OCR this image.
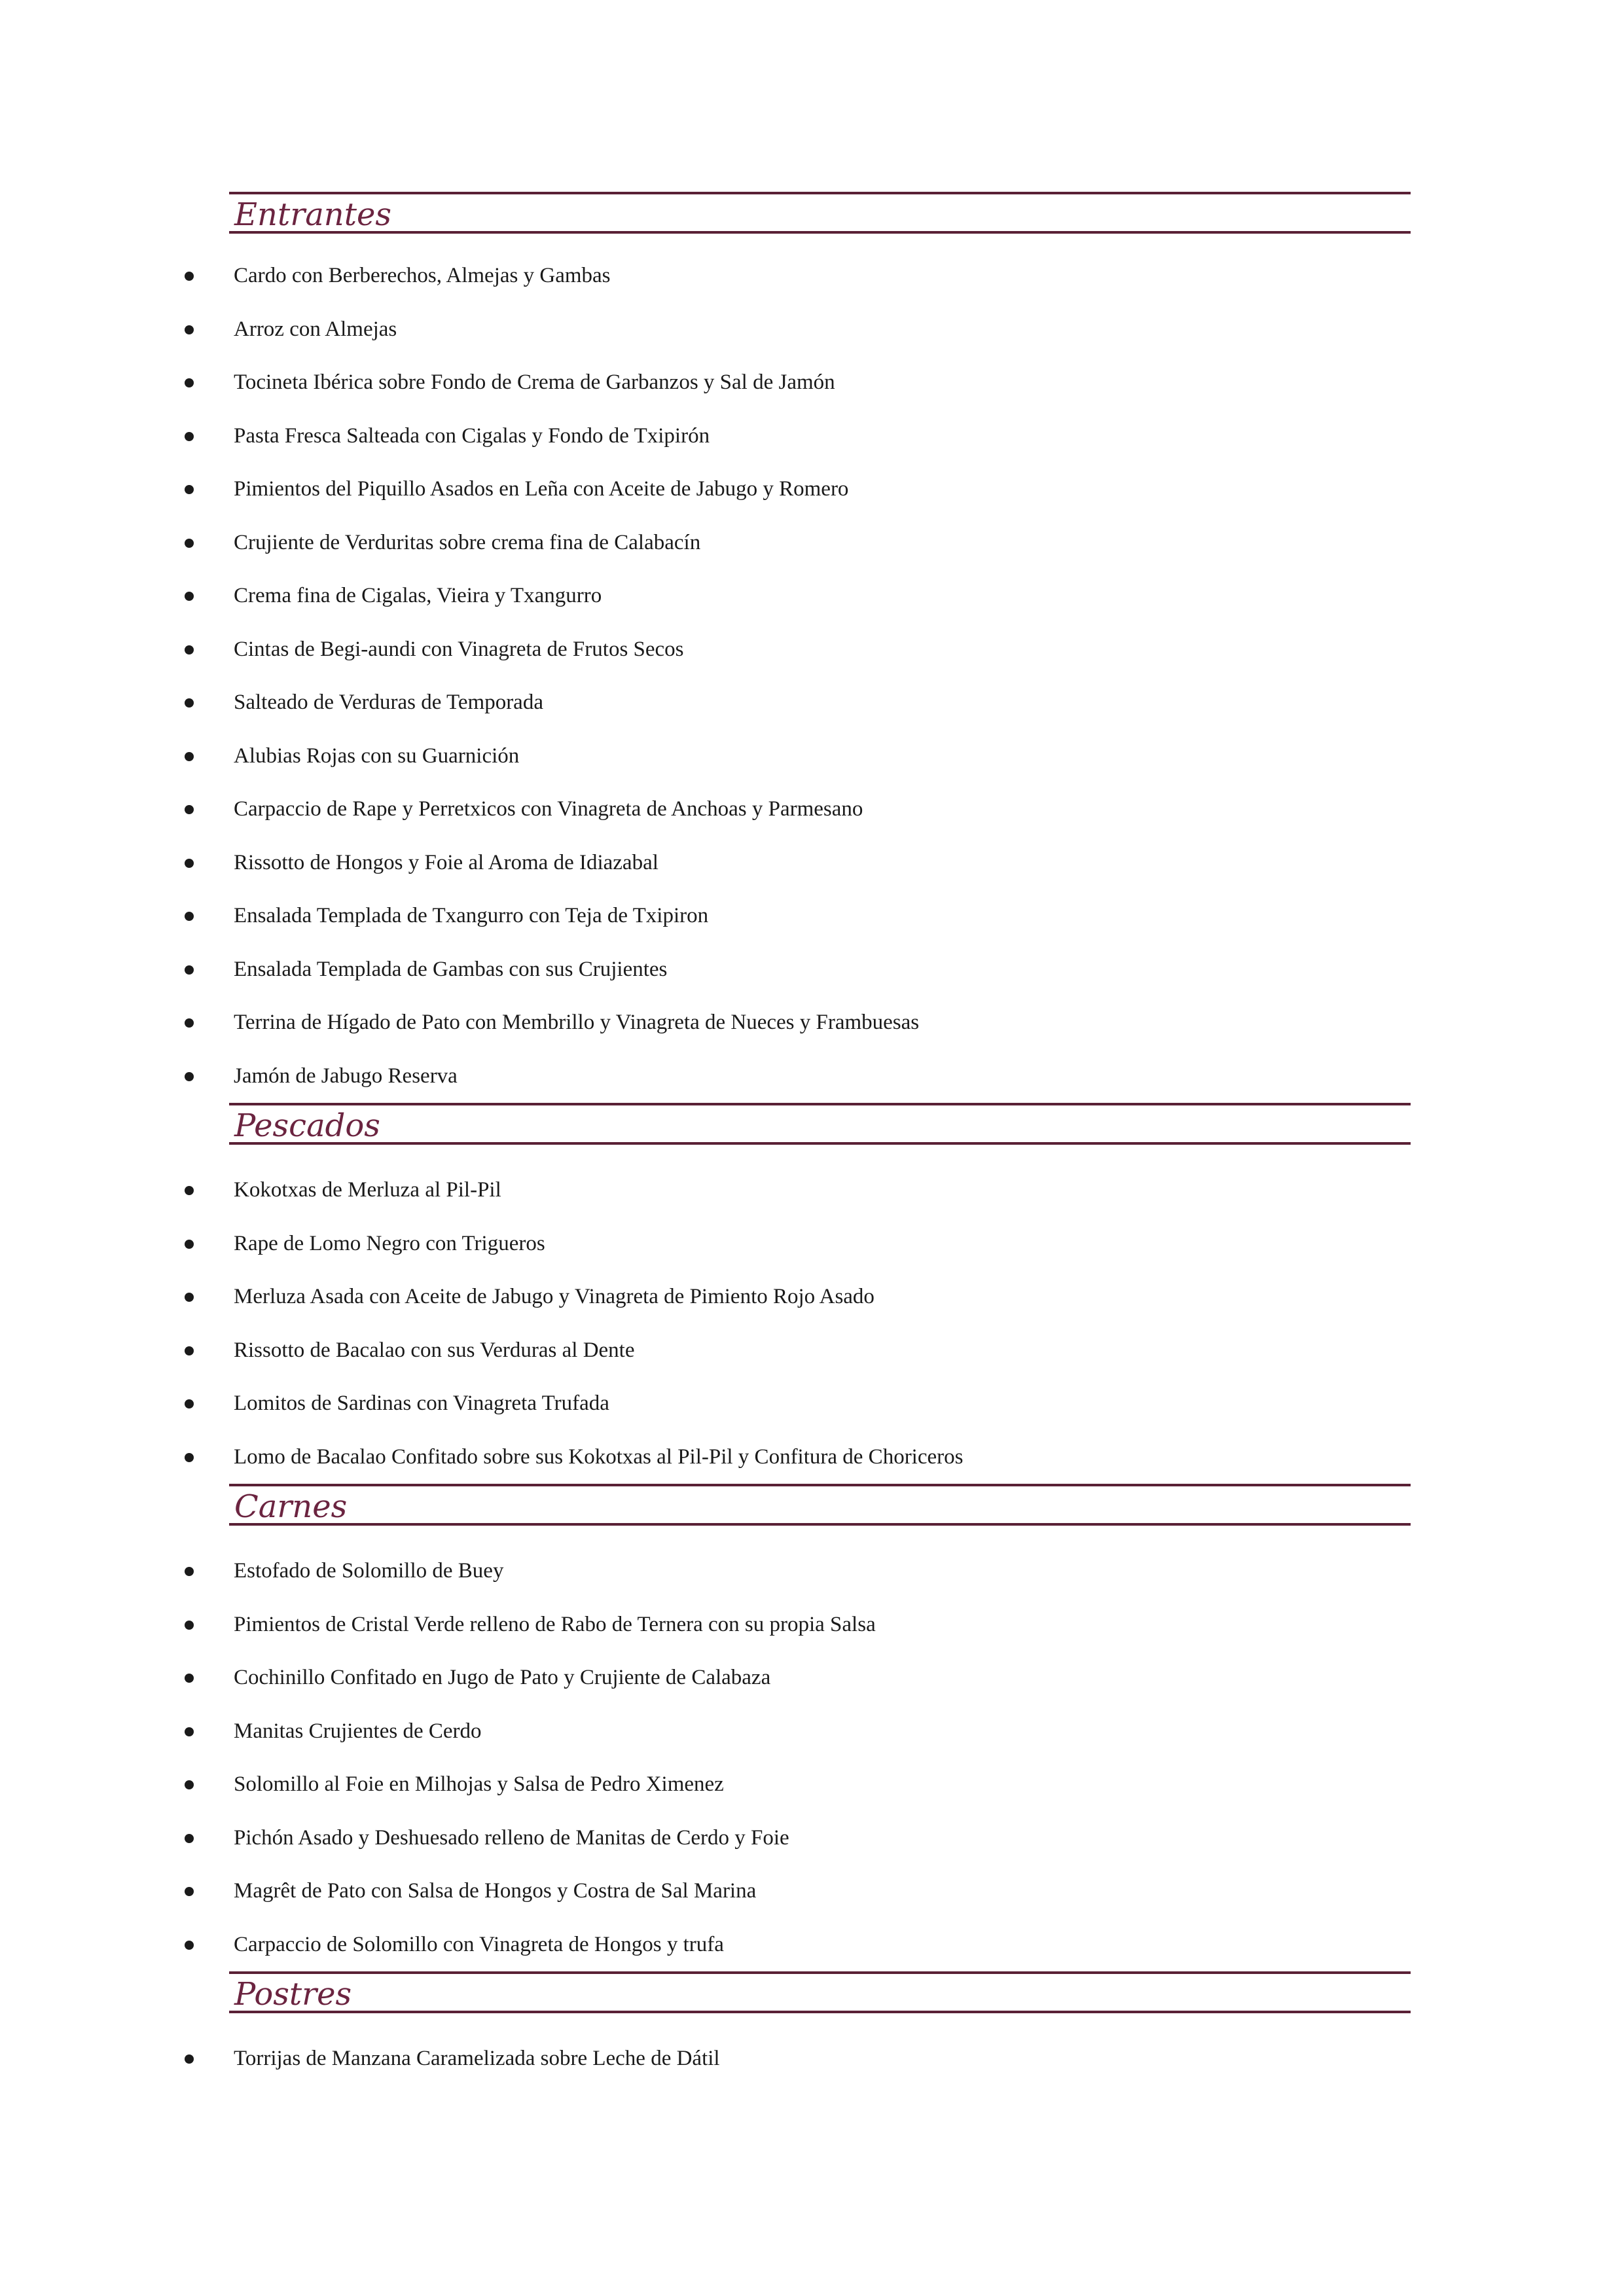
Entrantes
Cardo con Berberechos, Almejas y Gambas
Arroz con Almejas
Tocineta Ibérica sobre Fondo de Crema de Garbanzos y Sal de Jamón
Pasta Fresca Salteada con Cigalas y Fondo de Txipirón
Pimientos del Piquillo Asados en Leña con Aceite de Jabugo y Romero
Crujiente de Verduritas sobre crema fina de Calabacín
Crema fina de Cigalas, Vieira y Txangurro
Cintas de Begi-aundi con Vinagreta de Frutos Secos
Salteado de Verduras de Temporada
Alubias Rojas con su Guarnición
Carpaccio de Rape y Perretxicos con Vinagreta de Anchoas y Parmesano
Rissotto de Hongos y Foie al Aroma de Idiazabal
Ensalada Templada de Txangurro con Teja de Txipiron
Ensalada Templada de Gambas con sus Crujientes
Terrina de Hígado de Pato con Membrillo y Vinagreta de Nueces y Frambuesas
Jamón de Jabugo Reserva
Pescados
Kokotxas de Merluza al Pil-Pil
Rape de Lomo Negro con Trigueros
Merluza Asada con Aceite de Jabugo y Vinagreta de Pimiento Rojo Asado
Rissotto de Bacalao con sus Verduras al Dente
Lomitos de Sardinas con Vinagreta Trufada
Lomo de Bacalao Confitado sobre sus Kokotxas al Pil-Pil y Confitura de Choriceros
Carnes
Estofado de Solomillo de Buey
Pimientos de Cristal Verde relleno de Rabo de Ternera con su propia Salsa
Cochinillo Confitado en Jugo de Pato y Crujiente de Calabaza
Manitas Crujientes de Cerdo
Solomillo al Foie en Milhojas y Salsa de Pedro Ximenez
Pichón Asado y Deshuesado relleno de Manitas de Cerdo y Foie
Magrêt de Pato con Salsa de Hongos y Costra de Sal Marina
Carpaccio de Solomillo con Vinagreta de Hongos y trufa
Postres
Torrijas de Manzana Caramelizada sobre Leche de Dátil
